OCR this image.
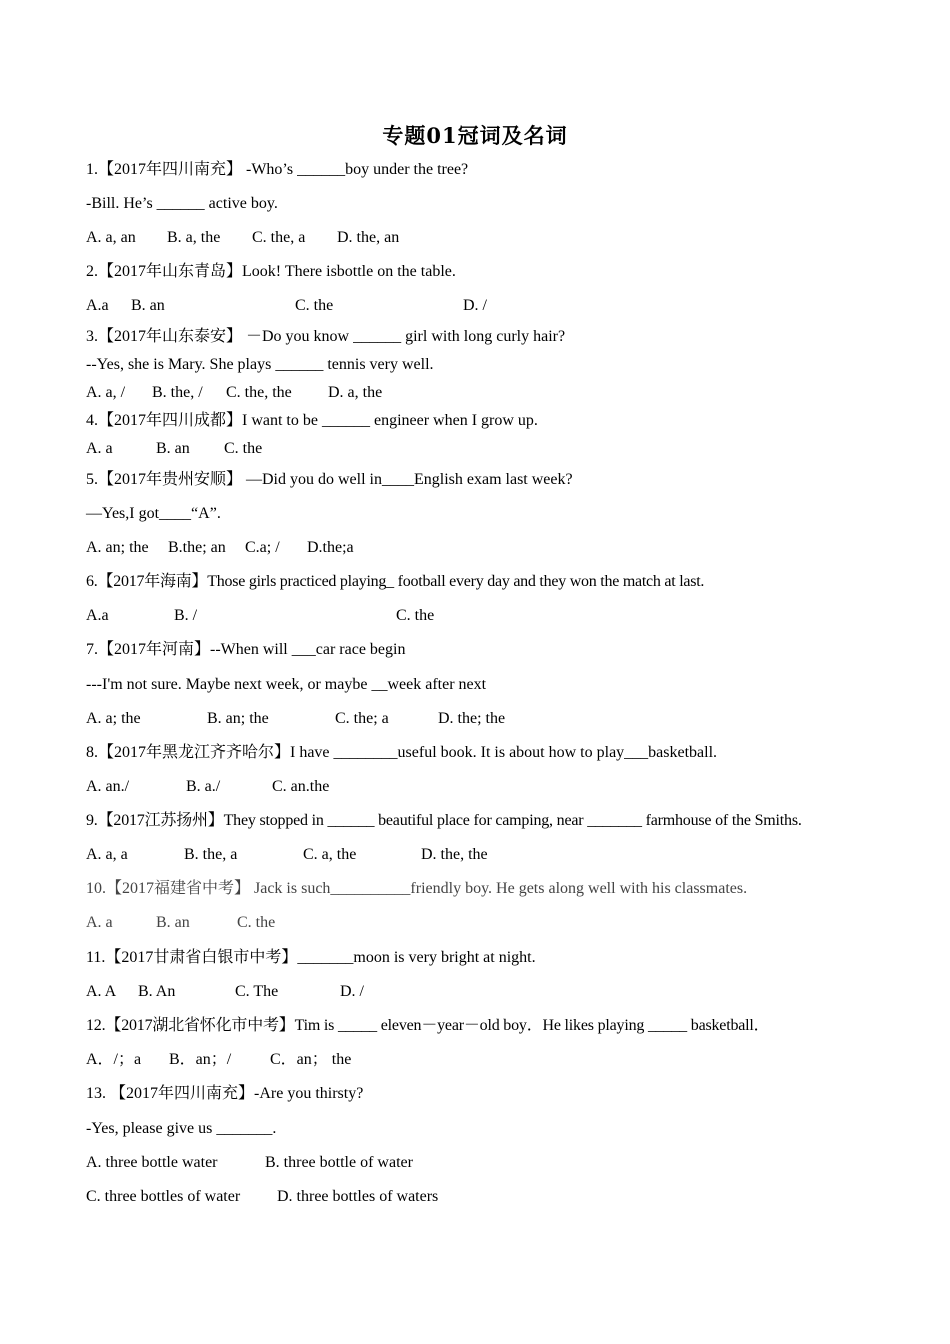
专题01冠词及名词
1.【2017年四川南充】 -Who’s ______boy under the tree?
-Bill. He’s ______ active boy.
A. a, an B. a, the C. the, a D. the, an
2.【2017年山东青岛】Look! There isbottle on the table.
A.a B. an	C. the	D. /
3.【2017年山东泰安】 －Do you know ______ girl with long curly hair?
--Yes, she is Mary. She plays ______ tennis very well.
A. a, / B. the, / C. the, the D. a, the
4.【2017年四川成都】I want to be ______ engineer when I grow up.
A. a	B. an C. the
5.【2017年贵州安顺】 —Did you do well in____English exam last week?
—Yes,I got____“A”.
A. an; the B.the; an C.a; / D.the;a
6.【2017年海南】Those girls practiced playing_ football every day and they won the match at last.
A.a	B. /	C. the
7.【2017年河南】--When will ___car race begin
---I'm not sure. Maybe next week, or maybe __week after next
A. a; the	B. an; the	C. the; a	D. the; the
8.【2017年黑龙江齐齐哈尔】I have ________useful book. It is about how to play___basketball.
A. an./	B. a./	C. an.the
9.【2017江苏扬州】They stopped in ______ beautiful place for camping, near _______ farmhouse of the Smiths.
A. a, a	B. the, a	C. a, the	D. the, the
10.【2017福建省中考】 Jack is such__________friendly boy. He gets along well with his classmates.
A. a	B. an	C. the
11.【2017甘肃省白银市中考】_______moon is very bright at night.
A. A B. An	C. The	D. /
12.【2017湖北省怀化市中考】Tim is _____ eleven－year－old boy．He likes playing _____ basketball．
A．/；a B．an；/ C．an； the
13. 【2017年四川南充】-Are you thirsty?
-Yes, please give us _______.
A. three bottle water	B. three bottle of water
C. three bottles of water D. three bottles of waters
